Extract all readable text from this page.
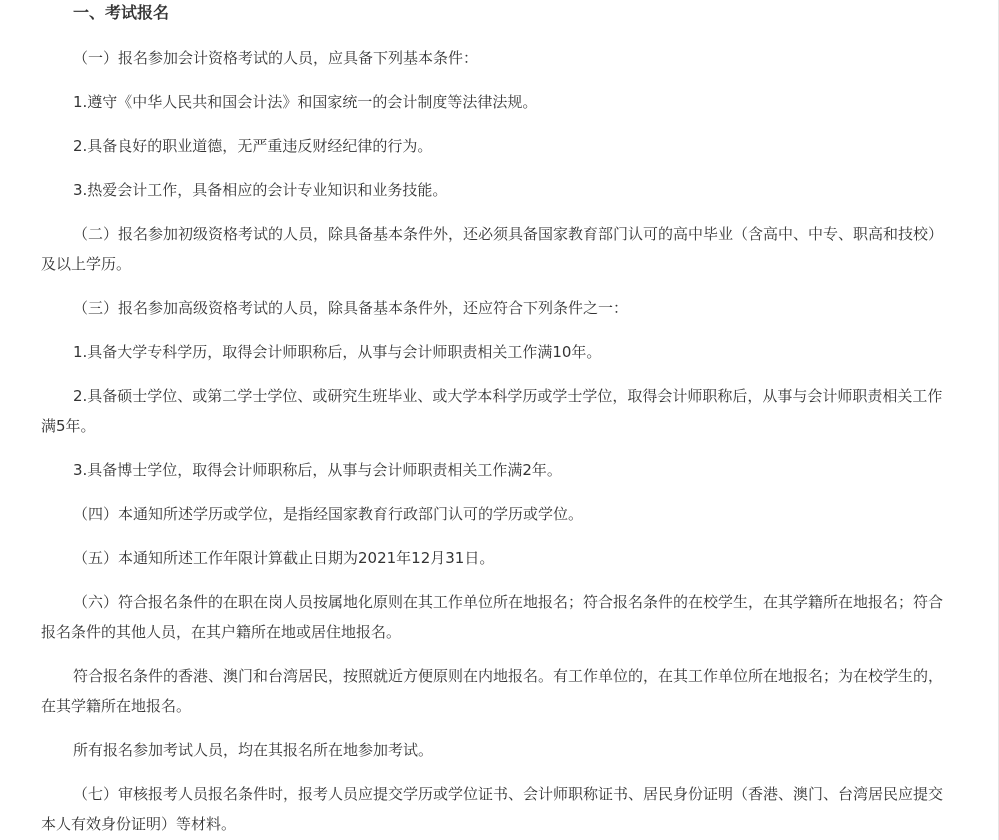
一、考试报名

（一）报名参加会计资格考试的人员，应具备下列基本条件：

1.遵守《中华人民共和国会计法》和国家统一的会计制度等法律法规。

2.具备良好的职业道德，无严重违反财经纪律的行为。

3.热爱会计工作，具备相应的会计专业知识和业务技能。

（二）报名参加初级资格考试的人员，除具备基本条件外，还必须具备国家教育部门认可的高中毕业（含高中、中专、职高和技校）及以上学历。

（三）报名参加高级资格考试的人员，除具备基本条件外，还应符合下列条件之一：

1.具备大学专科学历，取得会计师职称后，从事与会计师职责相关工作满10年。

2.具备硕士学位、或第二学士学位、或研究生班毕业、或大学本科学历或学士学位，取得会计师职称后，从事与会计师职责相关工作满5年。

3.具备博士学位，取得会计师职称后，从事与会计师职责相关工作满2年。

（四）本通知所述学历或学位，是指经国家教育行政部门认可的学历或学位。

（五）本通知所述工作年限计算截止日期为2021年12月31日。

（六）符合报名条件的在职在岗人员按属地化原则在其工作单位所在地报名；符合报名条件的在校学生，在其学籍所在地报名；符合报名条件的其他人员，在其户籍所在地或居住地报名。

符合报名条件的香港、澳门和台湾居民，按照就近方便原则在内地报名。有工作单位的，在其工作单位所在地报名；为在校学生的，在其学籍所在地报名。

所有报名参加考试人员，均在其报名所在地参加考试。

（七）审核报考人员报名条件时，报考人员应提交学历或学位证书、会计师职称证书、居民身份证明（香港、澳门、台湾居民应提交本人有效身份证明）等材料。
